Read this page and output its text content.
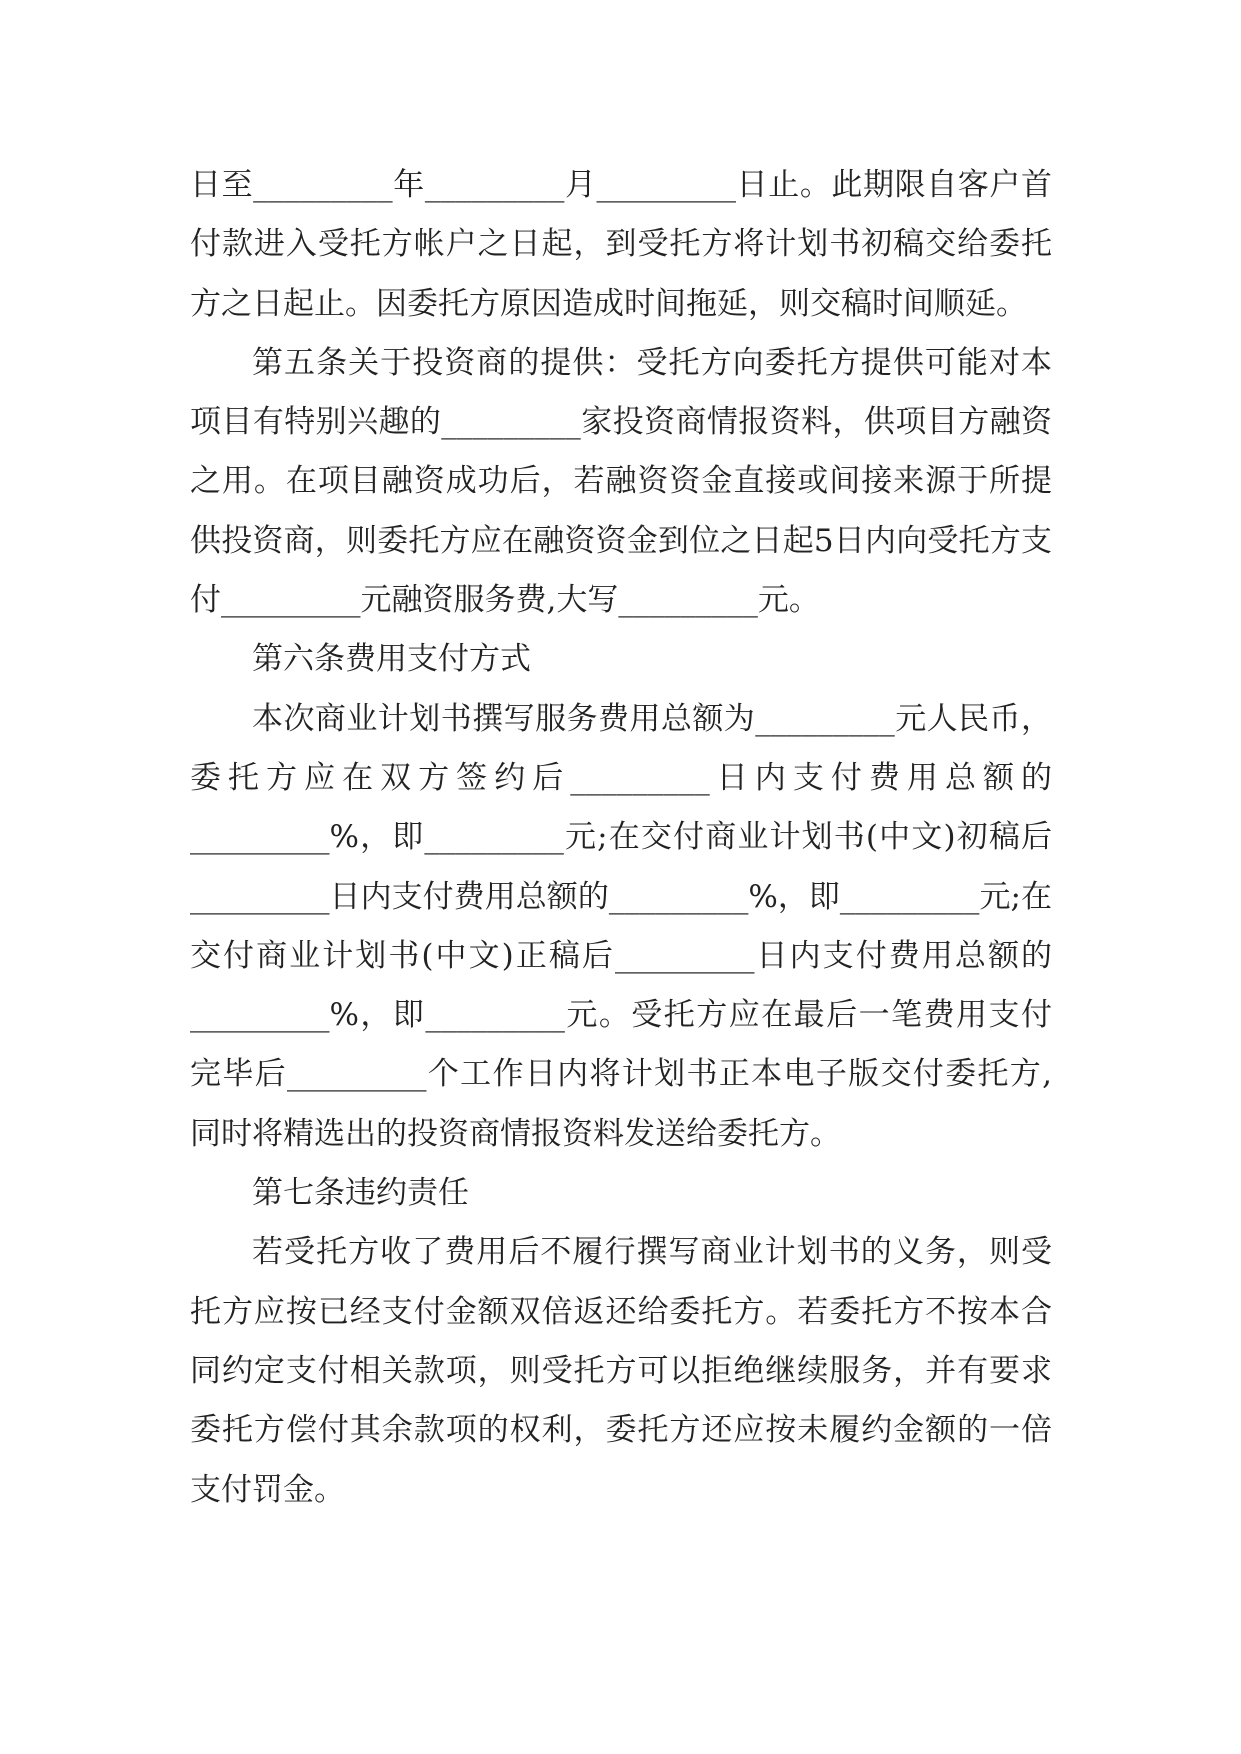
日至_________年_________月_________日止。此期限自客户首付款进入受托方帐户之日起，到受托方将计划书初稿交给委托方之日起止。因委托方原因造成时间拖延，则交稿时间顺延。

第五条关于投资商的提供：受托方向委托方提供可能对本项目有特别兴趣的_________家投资商情报资料，供项目方融资之用。在项目融资成功后，若融资资金直接或间接来源于所提供投资商，则委托方应在融资资金到位之日起5日内向受托方支付_________元融资服务费,大写_________元。

第六条费用支付方式

本次商业计划书撰写服务费用总额为_________元人民币，委托方应在双方签约后_________日内支付费用总额的_________%，即_________元;在交付商业计划书(中文)初稿后_________日内支付费用总额的_________%，即_________元;在交付商业计划书(中文)正稿后_________日内支付费用总额的_________%，即_________元。受托方应在最后一笔费用支付完毕后_________个工作日内将计划书正本电子版交付委托方,同时将精选出的投资商情报资料发送给委托方。

第七条违约责任

若受托方收了费用后不履行撰写商业计划书的义务，则受托方应按已经支付金额双倍返还给委托方。若委托方不按本合同约定支付相关款项，则受托方可以拒绝继续服务，并有要求委托方偿付其余款项的权利，委托方还应按未履约金额的一倍支付罚金。
